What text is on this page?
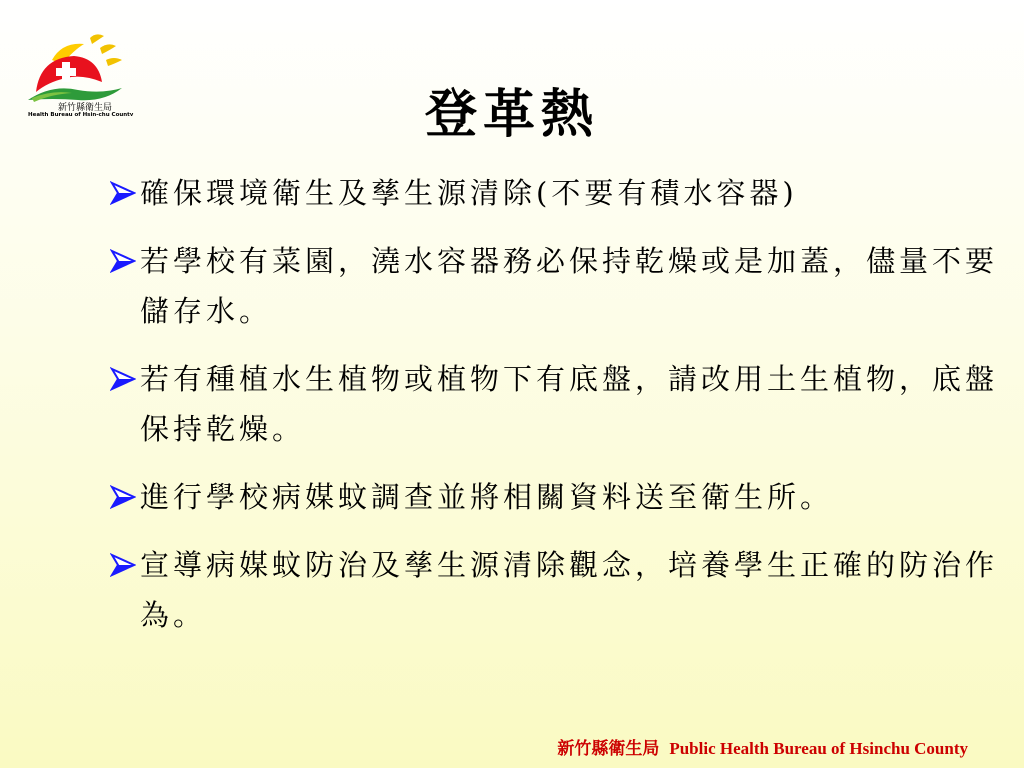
新竹縣衛生局
Health Bureau of Hsin-chu County	登革熱
確保環境衛生及孳生源清除(不要有積水容器)
若學校有菜園，澆水容器務必保持乾燥或是加蓋，儘量不要儲存水。
若有種植水生植物或植物下有底盤，請改用土生植物，底盤保持乾燥。
進行學校病媒蚊調查並將相關資料送至衛生所。
宣導病媒蚊防治及孳生源清除觀念，培養學生正確的防治作為。
新竹縣衛生局 Public Health Bureau of Hsinchu County
